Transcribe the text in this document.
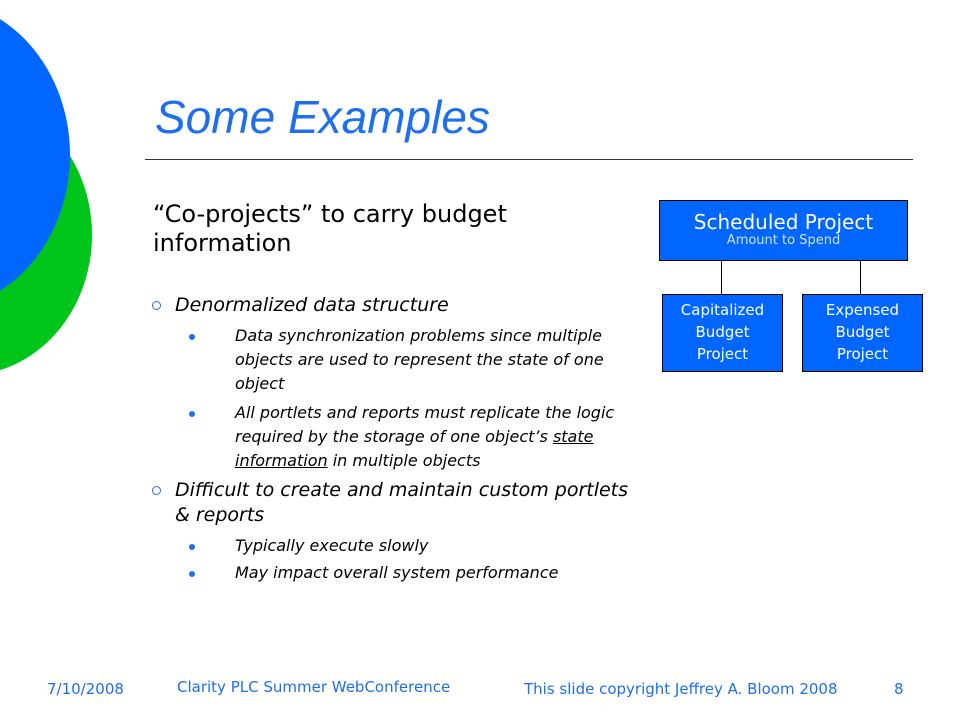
Some Examples

“Co-projects” to carry budget information

Denormalized data structure
Data synchronization problems since multiple objects are used to represent the state of one object
All portlets and reports must replicate the logic required by the storage of one object’s state information in multiple objects
Difficult to create and maintain custom portlets & reports
Typically execute slowly
May impact overall system performance
Scheduled Project
Amount to Spend
Capitalized
Budget
Project
Expensed
Budget
Project
7/10/2008	Clarity PLC Summer WebConference	This slide copyright Jeffrey A. Bloom 2008	8
